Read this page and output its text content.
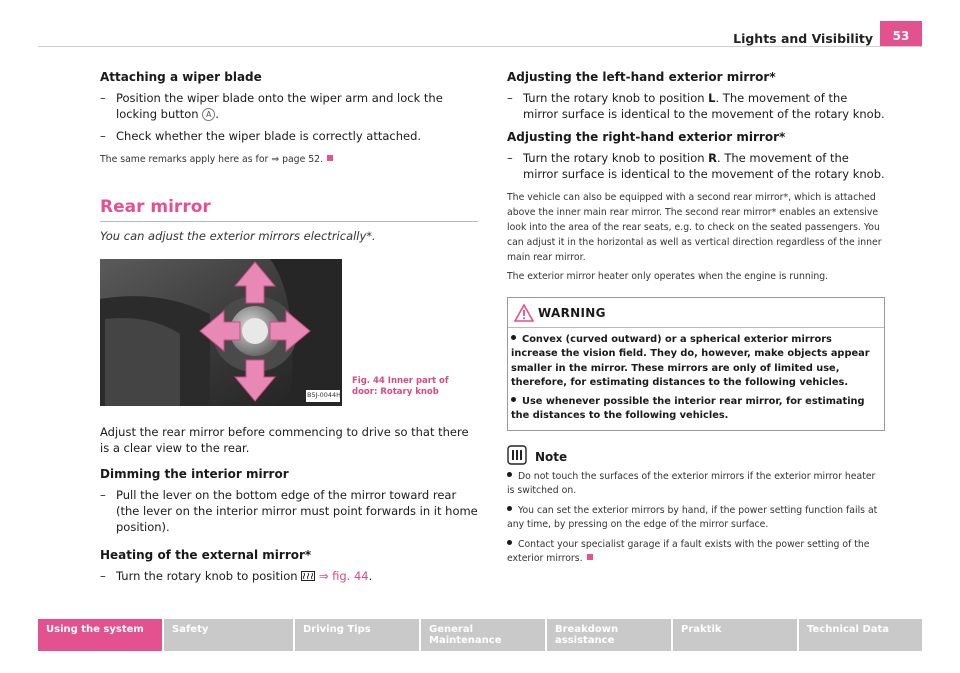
Lights and Visibility	53
Attaching a wiper blade
– Position the wiper blade onto the wiper arm and lock the locking button A .
– Check whether the wiper blade is correctly attached.
The same remarks apply here as for ⇒ page 52.
Rear mirror
You can adjust the exterior mirrors electrically*.
B5J-0044H
Adjust the rear mirror before commencing to drive so that there is a clear view to the rear.
Dimming the interior mirror
– Pull the lever on the bottom edge of the mirror toward rear (the lever on the interior mirror must point forwards in it home position).
Heating of the external mirror*
– Turn the rotary knob to position ⇒ fig. 44.
Fig. 44 Inner part of door: Rotary knob
Adjusting the left-hand exterior mirror*
– Turn the rotary knob to position L. The movement of the mirror surface is identical to the movement of the rotary knob.
Adjusting the right-hand exterior mirror*
– Turn the rotary knob to position R. The movement of the mirror surface is identical to the movement of the rotary knob.
The vehicle can also be equipped with a second rear mirror*, which is attached above the inner main rear mirror. The second rear mirror* enables an extensive look into the area of the rear seats, e.g. to check on the seated passengers. You can adjust it in the horizontal as well as vertical direction regardless of the inner main rear mirror.
The exterior mirror heater only operates when the engine is running.
WARNING
Convex (curved outward) or a spherical exterior mirrors increase the vision field. They do, however, make objects appear smaller in the mirror. These mirrors are only of limited use, therefore, for estimating distances to the following vehicles.
Use whenever possible the interior rear mirror, for estimating the distances to the following vehicles.
Note
Do not touch the surfaces of the exterior mirrors if the exterior mirror heater is switched on.
You can set the exterior mirrors by hand, if the power setting function fails at any time, by pressing on the edge of the mirror surface.
Contact your specialist garage if a fault exists with the power setting of the exterior mirrors.
Using the system	Safety	Driving Tips	General Maintenance
Breakdown assistance
Praktik	Technical Data
